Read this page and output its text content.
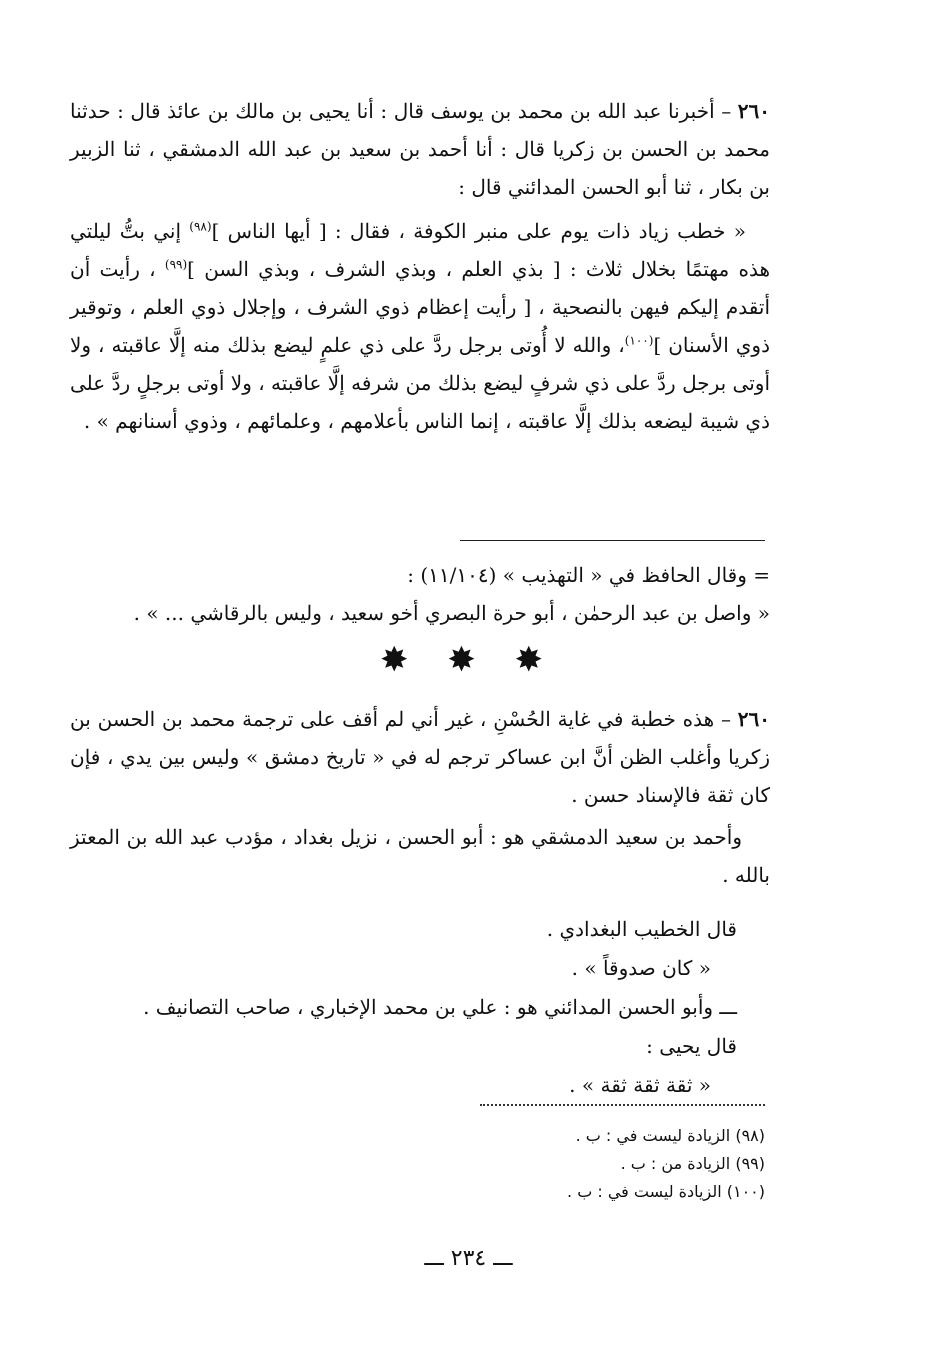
٢٦٠ – أخبرنا عبد الله بن محمد بن يوسف قال : أنا يحيى بن مالك بن عائذ قال : حدثنا محمد بن الحسن بن زكريا قال : أنا أحمد بن سعيد بن عبد الله الدمشقي ، ثنا الزبير بن بكار ، ثنا أبو الحسن المدائني قال :

« خطب زياد ذات يوم على منبر الكوفة ، فقال : [ أيها الناس ]$^{(٩٨)}$ إني بتُّ ليلتي هذه مهتمًا بخلال ثلاث : [ بذي العلم ، وبذي الشرف ، وبذي السن ]$^{(٩٩)}$ ، رأيت أن أتقدم إليكم فيهن بالنصحية ، [ رأيت إعظام ذوي الشرف ، وإجلال ذوي العلم ، وتوقير ذوي الأسنان ]$^{(١٠٠)}$، والله لا أُوتى برجل ردَّ على ذي علمٍ ليضع بذلك منه إلَّا عاقبته ، ولا أوتى برجل ردَّ على ذي شرفٍ ليضع بذلك من شرفه إلَّا عاقبته ، ولا أوتى برجلٍ ردَّ على ذي شيبة ليضعه بذلك إلَّا عاقبته ، إنما الناس بأعلامهم ، وعلمائهم ، وذوي أسنانهم » .

= وقال الحافظ في « التهذيب » (١١/١٠٤) :

« واصل بن عبد الرحمٰن ، أبو حرة البصري أخو سعيد ، وليس بالرقاشي ... » .

✸ ✸ ✸

٢٦٠ – هذه خطبة في غاية الحُسْنِ ، غير أني لم أقف على ترجمة محمد بن الحسن بن زكريا وأغلب الظن أنَّ ابن عساكر ترجم له في « تاريخ دمشق » وليس بين يدي ، فإن كان ثقة فالإسناد حسن .

وأحمد بن سعيد الدمشقي هو : أبو الحسن ، نزيل بغداد ، مؤدب عبد الله بن المعتز بالله .

قال الخطيب البغدادي .

« كان صدوقاً » .

ـــ وأبو الحسن المدائني هو : علي بن محمد الإخباري ، صاحب التصانيف .

قال يحيى :

« ثقة ثقة ثقة » .

(٩٨) الزيادة ليست في : ب .

(٩٩) الزيادة من : ب .

(١٠٠) الزيادة ليست في : ب .

ـــ ٢٣٤ ـــ
